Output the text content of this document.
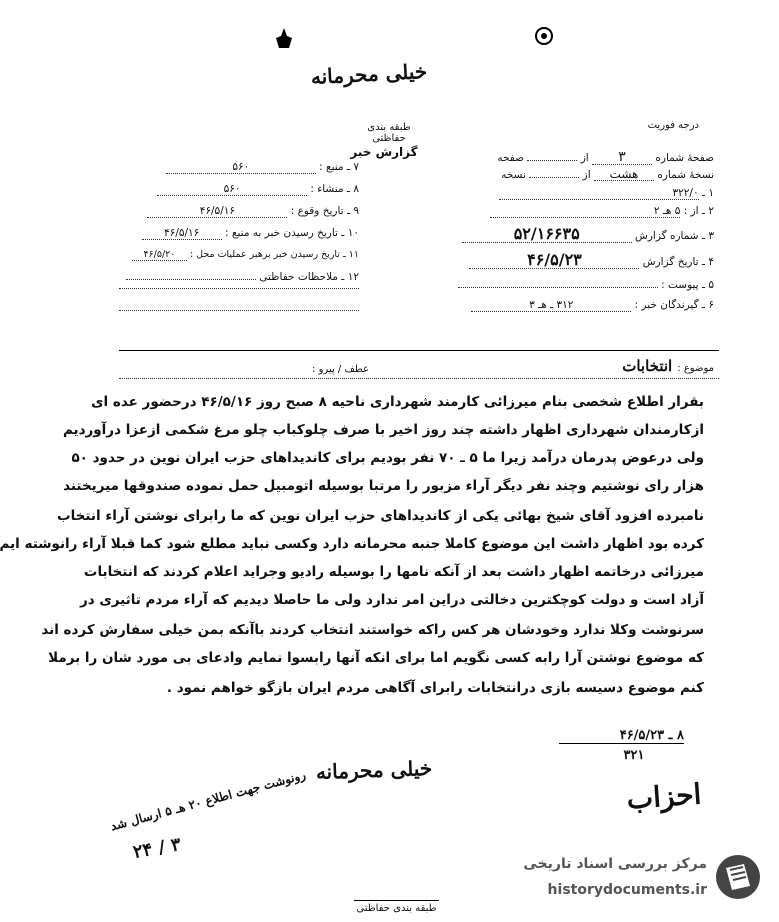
خیلی محرمانه
طبقه بندی حفاظتی
گزارش خبر
درجه فوریت
۷ ـ منبع : ۵۶۰
۸ ـ منشاء : ۵۶۰
۹ ـ تاریخ وقوع : ۴۶/۵/۱۶
۱۰ ـ تاریخ رسیدن خبر به منبع : ۴۶/۵/۱۶
۱۱ ـ تاریخ رسیدن خبر برهبر عملیات محل : ۴۶/۵/۲۰
۱۲ ـ ملاحظات حفاظتی
صفحهٔ شماره ۳ از  صفحه
نسخهٔ شماره هشت از  نسخه
۱ ـ ۳۲۲/۰
۲ ـ از : ۵ هـ ۲
۳ ـ شماره گزارش ۵۲/۱۶۶۳۵
۴ ـ تاریخ گزارش ۴۶/۵/۲۳
۵ ـ پیوست :
۶ ـ گیرندگان خبر : ۳۱۲ ـ هـ ۳
موضوع : انتخابات
عطف / پیرو :
بقرار اطلاع شخصی بنام میرزائی کارمند شهرداری ناحیه ۸ صبح روز ۴۶/۵/۱۶ درحضور عده ای
ازکارمندان شهرداری اظهار داشته چند روز اخیر با صرف چلوکباب چلو مرغ شکمی ازعزا درآوردیم
ولی درعوض پدرمان درآمد زیرا ما ۵ ـ ۷۰ نفر بودیم برای کاندیداهای حزب ایران نوین در حدود ۵۰
هزار رای نوشتیم وچند نفر دیگر آراء مزبور را مرتبا بوسیله اتومبیل حمل نموده صندوقها میریختند
نامبرده افزود آقای شیخ بهائی یکی از کاندیداهای حزب ایران نوین که ما رابرای نوشتن آراء انتخاب
کرده بود اظهار داشت این موضوع کاملا جنبه محرمانه دارد وکسی نباید مطلع شود کما قبلا آراء رانوشته ایم
میرزائی درخاتمه اظهار داشت بعد از آنکه نامها را بوسیله رادیو وجراید اعلام کردند که انتخابات
آزاد است و دولت کوچکترین دخالتی دراین امر ندارد ولی ما حاصلا دیدیم که آراء مردم تاثیری در
سرنوشت وکلا ندارد وخودشان هر کس راکه خواستند انتخاب کردند باآنکه بمن خیلی سفارش کرده اند
که موضوع نوشتن آرا رابه کسی نگویم اما برای انکه آنها رابسوا نمایم وادعای بی مورد شان را برملا
کنم موضوع دسیسه بازی درانتخابات رابرای آگاهی مردم ایران بازگو خواهم نمود .
۸ ـ ۴۶/۵/۲۳
۳۲۱
خیلی محرمانه
احزاب
رونوشت جهت اطلاع ۲۰ هـ ۵ ارسال شد
۳ / ۲۴
طبقه بندی حفاظتی
مرکز بررسی اسناد تاریخی
historydocuments.ir
